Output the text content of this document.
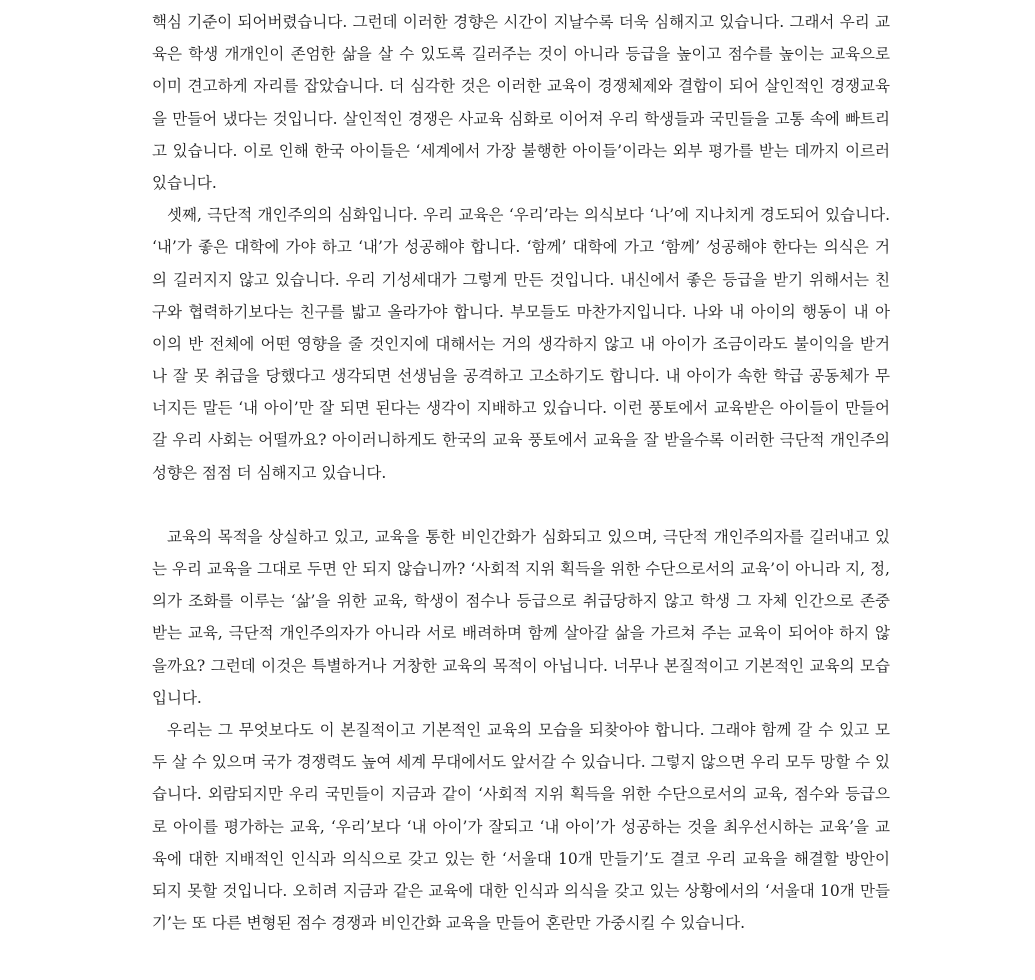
핵심 기준이 되어버렸습니다. 그런데 이러한 경향은 시간이 지날수록 더욱 심해지고 있습니다. 그래서 우리 교
육은 학생 개개인이 존엄한 삶을 살 수 있도록 길러주는 것이 아니라 등급을 높이고 점수를 높이는 교육으로
이미 견고하게 자리를 잡았습니다. 더 심각한 것은 이러한 교육이 경쟁체제와 결합이 되어 살인적인 경쟁교육
을 만들어 냈다는 것입니다. 살인적인 경쟁은 사교육 심화로 이어져 우리 학생들과 국민들을 고통 속에 빠트리
고 있습니다. 이로 인해 한국 아이들은 ‘세계에서 가장 불행한 아이들’이라는 외부 평가를 받는 데까지 이르러
있습니다.
셋째, 극단적 개인주의의 심화입니다. 우리 교육은 ‘우리’라는 의식보다 ‘나’에 지나치게 경도되어 있습니다.
‘내’가 좋은 대학에 가야 하고 ‘내’가 성공해야 합니다. ‘함께’ 대학에 가고 ‘함께’ 성공해야 한다는 의식은 거
의 길러지지 않고 있습니다. 우리 기성세대가 그렇게 만든 것입니다. 내신에서 좋은 등급을 받기 위해서는 친
구와 협력하기보다는 친구를 밟고 올라가야 합니다. 부모들도 마찬가지입니다. 나와 내 아이의 행동이 내 아
이의 반 전체에 어떤 영향을 줄 것인지에 대해서는 거의 생각하지 않고 내 아이가 조금이라도 불이익을 받거
나 잘 못 취급을 당했다고 생각되면 선생님을 공격하고 고소하기도 합니다. 내 아이가 속한 학급 공동체가 무
너지든 말든 ‘내 아이’만 잘 되면 된다는 생각이 지배하고 있습니다. 이런 풍토에서 교육받은 아이들이 만들어
갈 우리 사회는 어떨까요? 아이러니하게도 한국의 교육 풍토에서 교육을 잘 받을수록 이러한 극단적 개인주의
성향은 점점 더 심해지고 있습니다.
교육의 목적을 상실하고 있고, 교육을 통한 비인간화가 심화되고 있으며, 극단적 개인주의자를 길러내고 있
는 우리 교육을 그대로 두면 안 되지 않습니까? ‘사회적 지위 획득을 위한 수단으로서의 교육’이 아니라 지, 정,
의가 조화를 이루는 ‘삶’을 위한 교육, 학생이 점수나 등급으로 취급당하지 않고 학생 그 자체 인간으로 존중
받는 교육, 극단적 개인주의자가 아니라 서로 배려하며 함께 살아갈 삶을 가르쳐 주는 교육이 되어야 하지 않
을까요? 그런데 이것은 특별하거나 거창한 교육의 목적이 아닙니다. 너무나 본질적이고 기본적인 교육의 모습
입니다.
우리는 그 무엇보다도 이 본질적이고 기본적인 교육의 모습을 되찾아야 합니다. 그래야 함께 갈 수 있고 모
두 살 수 있으며 국가 경쟁력도 높여 세계 무대에서도 앞서갈 수 있습니다. 그렇지 않으면 우리 모두 망할 수 있
습니다. 외람되지만 우리 국민들이 지금과 같이 ‘사회적 지위 획득을 위한 수단으로서의 교육, 점수와 등급으
로 아이를 평가하는 교육, ‘우리’보다 ‘내 아이’가 잘되고 ‘내 아이’가 성공하는 것을 최우선시하는 교육’을 교
육에 대한 지배적인 인식과 의식으로 갖고 있는 한 ‘서울대 10개 만들기’도 결코 우리 교육을 해결할 방안이
되지 못할 것입니다. 오히려 지금과 같은 교육에 대한 인식과 의식을 갖고 있는 상황에서의 ‘서울대 10개 만들
기’는 또 다른 변형된 점수 경쟁과 비인간화 교육을 만들어 혼란만 가중시킬 수 있습니다.
